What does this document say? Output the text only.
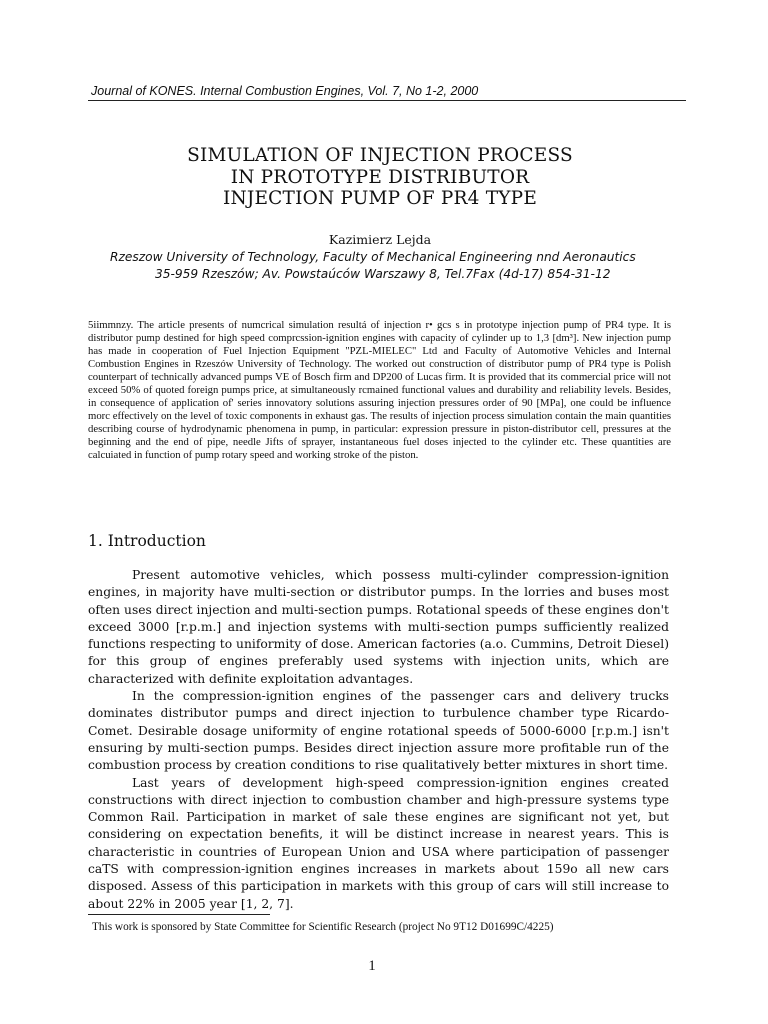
Journal of KONES. Internal Combustion Engines, Vol. 7, No 1-2, 2000
SIMULATION OF INJECTION PROCESS
IN PROTOTYPE DISTRIBUTOR
INJECTION PUMP OF PR4 TYPE
Kazimierz Lejda
Rzeszow University of Technology, Faculty of Mechanical Engineering nnd Aeronautics
35-959 Rzeszów; Av. Powstaúców Warszawy 8, Tel.7Fax (4d-17) 854-31-12
5iimmnzy. The article presents of numcrical simulation resultá of injection r• gcs s in prototype injection pump of PR4 type. It is distributor pump destined for high speed comprcssion-ignition engines with capacity of cylinder up to 1,3 [dm³]. New injection pump has made in cooperation of Fuel Injection Equipment "PZL-MIELEC" Ltd and Faculty of Automotive Vehicles and Internal Combustion Engines in Rzeszów University of Technology. The worked out construction of distributor pump of PR4 type is Polish counterpart of technically advanced pumps VE of Bosch firm and DP200 of Lucas firm. It is provided that its commercial price will not exceed 50% of quoted foreign pumps price, at simultaneously rcmained functional values and durability and reliability levels. Besides, in consequence of application of' series innovatory solutions assuring injection pressures order of 90 [MPa], one could be influence morc effectively on the level of toxic components in exhaust gas. The results of injection process simulation contain the main quantities describing course of hydrodynamic phenomena in pump, in particular: expression pressure in piston-distributor cell, pressures at the beginning and the end of pipe, needle Jifts of sprayer, instantaneous fuel doses injected to the cylinder etc. These quantities are calcuiated in function of pump rotary speed and working stroke of the piston.
1. Introduction

Present automotive vehicles, which possess multi-cylinder compression-ignition engines, in majority have multi-section or distributor pumps. In the lorries and buses most often uses direct injection and multi-section pumps. Rotational speeds of these engines don't exceed 3000 [r.p.m.] and injection systems with multi-section pumps sufficiently realized functions respecting to uniformity of dose. American factories (a.o. Cummins, Detroit Diesel) for this group of engines preferably used systems with injection units, which are characterized with definite exploitation advantages.

In the compression-ignition engines of the passenger cars and delivery trucks dominates distributor pumps and direct injection to turbulence chamber type Ricardo-Comet. Desirable dosage uniformity of engine rotational speeds of 5000-6000 [r.p.m.] isn't ensuring by multi-section pumps. Besides direct injection assure more profitable run of the combustion process by creation conditions to rise qualitatively better mixtures in short time.

Last years of development high-speed compression-ignition engines created constructions with direct injection to combustion chamber and high-pressure systems type Common Rail. Participation in market of sale these engines are significant not yet, but considering on expectation benefits, it will be distinct increase in nearest years. This is characteristic in countries of European Union and USA where participation of passenger caTS with compression-ignition engines increases in markets about 159o all new cars disposed. Assess of this participation in markets with this group of cars will still increase to about 22% in 2005 year [1, 2, 7].

This work is sponsored by State Committee for Scientific Research (project No 9T12 D01699C/4225)
1
